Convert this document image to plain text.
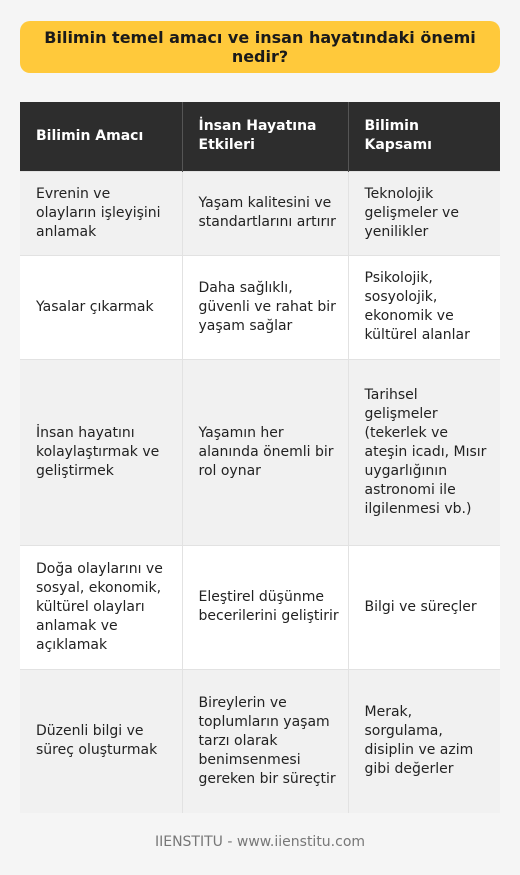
Bilimin temel amacı ve insan hayatındaki önemi nedir?
Bilimin Amacı	İnsan Hayatına Etkileri	Bilimin Kapsamı
Evrenin ve olayların işleyişini anlamak	Yaşam kalitesini ve standartlarını artırır	Teknolojik gelişmeler ve yenilikler
Yasalar çıkarmak	Daha sağlıklı, güvenli ve rahat bir yaşam sağlar	Psikolojik, sosyolojik, ekonomik ve kültürel alanlar
İnsan hayatını kolaylaştırmak ve geliştirmek	Yaşamın her alanında önemli bir rol oynar	Tarihsel gelişmeler (tekerlek ve ateşin icadı, Mısır uygarlığının astronomi ile ilgilenmesi vb.)
Doğa olaylarını ve sosyal, ekonomik, kültürel olayları anlamak ve açıklamak	Eleştirel düşünme becerilerini geliştirir	Bilgi ve süreçler
Düzenli bilgi ve süreç oluşturmak	Bireylerin ve toplumların yaşam tarzı olarak benimsenmesi gereken bir süreçtir	Merak, sorgulama, disiplin ve azim gibi değerler
IIENSTITU - www.iienstitu.com
